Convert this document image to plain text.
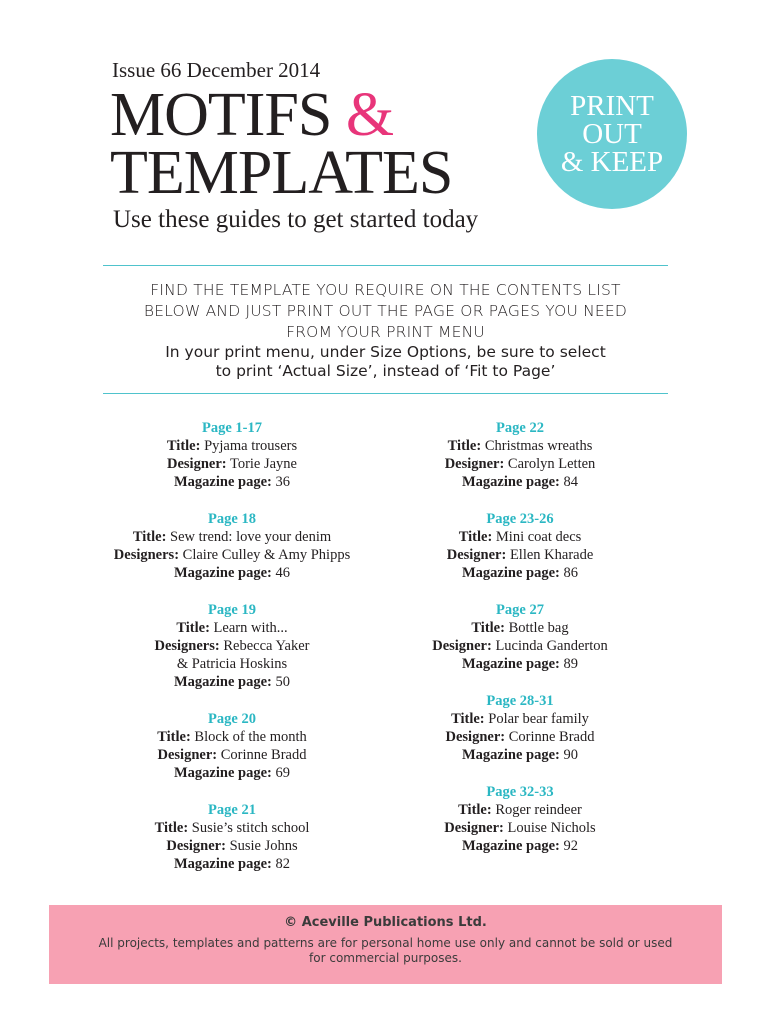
Issue 66 December 2014
MOTIFS &
TEMPLATES
Use these guides to get started today
PRINT
OUT
& KEEP
FIND THE TEMPLATE YOU REQUIRE ON THE CONTENTS LIST
BELOW AND JUST PRINT OUT THE PAGE OR PAGES YOU NEED
FROM YOUR PRINT MENU
In your print menu, under Size Options, be sure to select
to print ‘Actual Size’, instead of ‘Fit to Page’
Page 1-17
Title: Pyjama trousers
Designer: Torie Jayne
Magazine page: 36
Page 18
Title: Sew trend: love your denim
Designers: Claire Culley & Amy Phipps
Magazine page: 46
Page 19
Title: Learn with...
Designers: Rebecca Yaker
& Patricia Hoskins
Magazine page: 50
Page 20
Title: Block of the month
Designer: Corinne Bradd
Magazine page: 69
Page 21
Title: Susie’s stitch school
Designer: Susie Johns
Magazine page: 82
Page 22
Title: Christmas wreaths
Designer: Carolyn Letten
Magazine page: 84
Page 23-26
Title: Mini coat decs
Designer: Ellen Kharade
Magazine page: 86
Page 27
Title: Bottle bag
Designer: Lucinda Ganderton
Magazine page: 89
Page 28-31
Title: Polar bear family
Designer: Corinne Bradd
Magazine page: 90
Page 32-33
Title: Roger reindeer
Designer: Louise Nichols
Magazine page: 92
© Aceville Publications Ltd.
All projects, templates and patterns are for personal home use only and cannot be sold or used for commercial purposes.
